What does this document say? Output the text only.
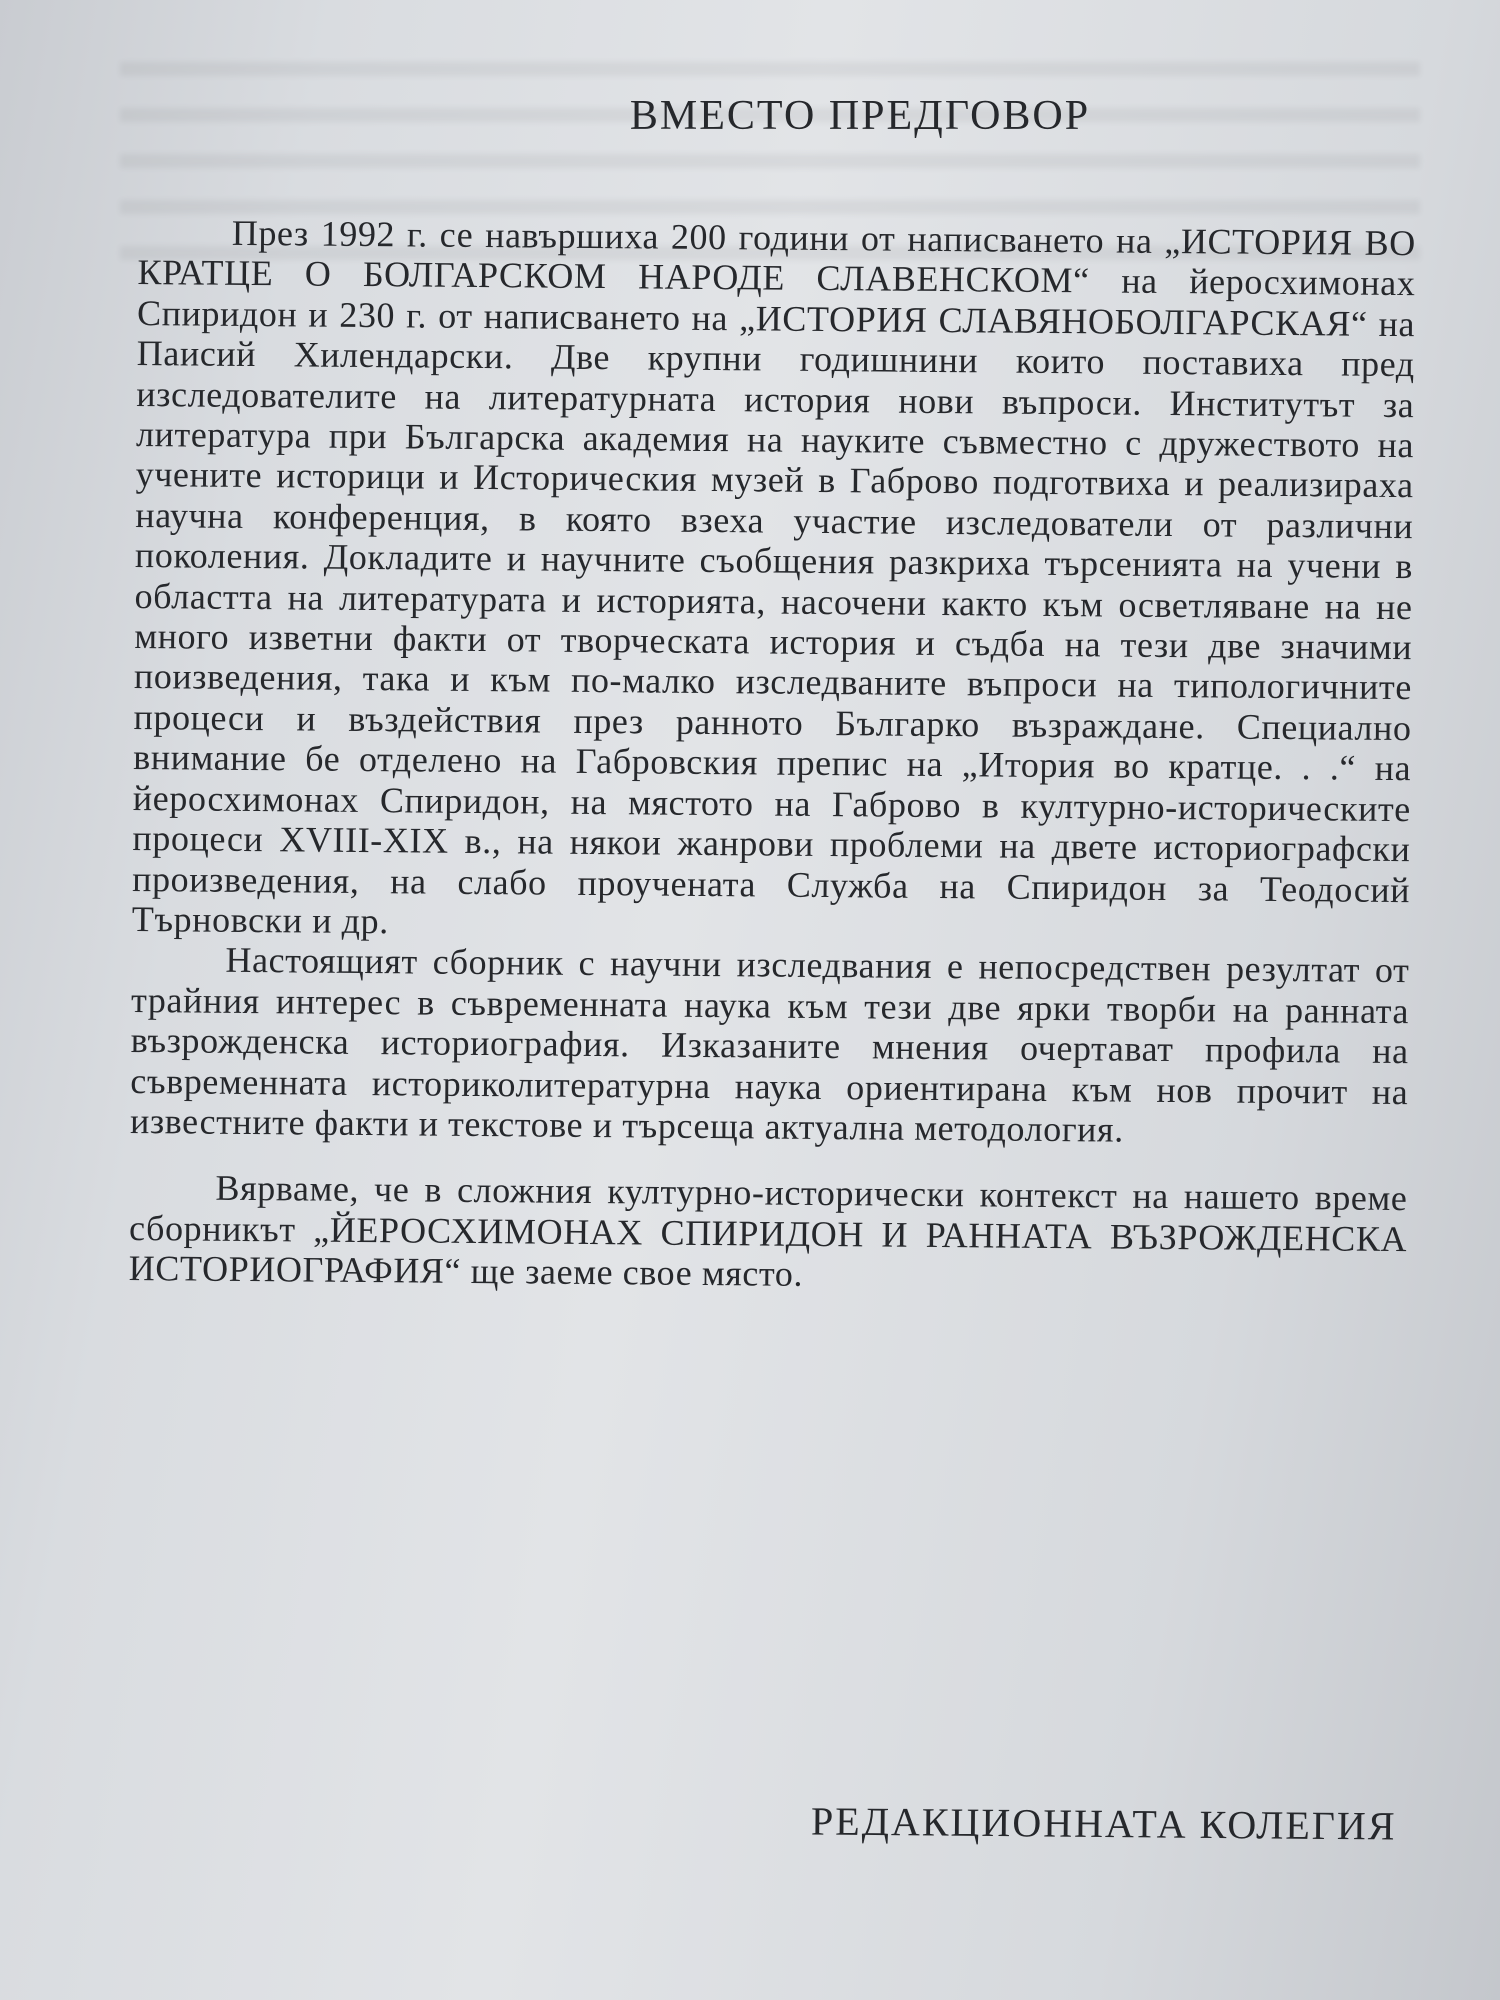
ВМЕСТО ПРЕДГОВОР

През 1992 г. се навършиха 200 години от написването на „ИСТОРИЯ ВО КРАТЦЕ О БОЛГАРСКОМ НАРОДЕ СЛАВЕНСКОМ“ на йеросхимонах Спиридон и 230 г. от написването на „ИСТОРИЯ СЛАВЯНОБОЛГАРСКАЯ“ на Паисий Хилендарски. Две крупни годишнини които постaвиха пред изследователите на литературната история нови въпроси. Институтът за литература при Българска академия на науките съвместно с дружеството на учените историци и Историческия музей в Габрово подготвиха и реализираха научна конференция, в която взеха участие изследователи от различни поколения. Докладите и научните съобщения разкриха търсенията на учени в областта на литературата и историята, насочени както към осветляване на не много изветни факти от творческата история и съдба на тези две значими поизведения, така и към по-малко изследваните въпроси на типологичните процеси и въздействия през ранното Българко възраждане. Специално внимание бе отделено на Габровския препис на „Итория во кратце. . .“ на йеросхимонах Спиридон, на мястото на Габрово в културно-историческите процеси XVIII-XIX в., на някои жанрови проблеми на двете историографски произведения, на слабо проучената Служба на Спиридон за Теодосий Търновски и др.

Настоящият сборник с научни изследвания е непосредствен резултат от трайния интерес в съвременната наука към тези две ярки творби на ранната възрожденска историография. Изказаните мнения очертават профила на съвременната историколитературна наука ориентирана към нов прочит на известните факти и текстове и търсеща актуална методология.

Вярваме, че в сложния културно-исторически контекст на нашето време сборникът „ЙЕРОСХИМОНАХ СПИРИДОН И РАННАТА ВЪЗРОЖДЕНСКА ИСТОРИОГРАФИЯ“ ще заеме свое място.

РЕДАКЦИОННАТА КОЛЕГИЯ
